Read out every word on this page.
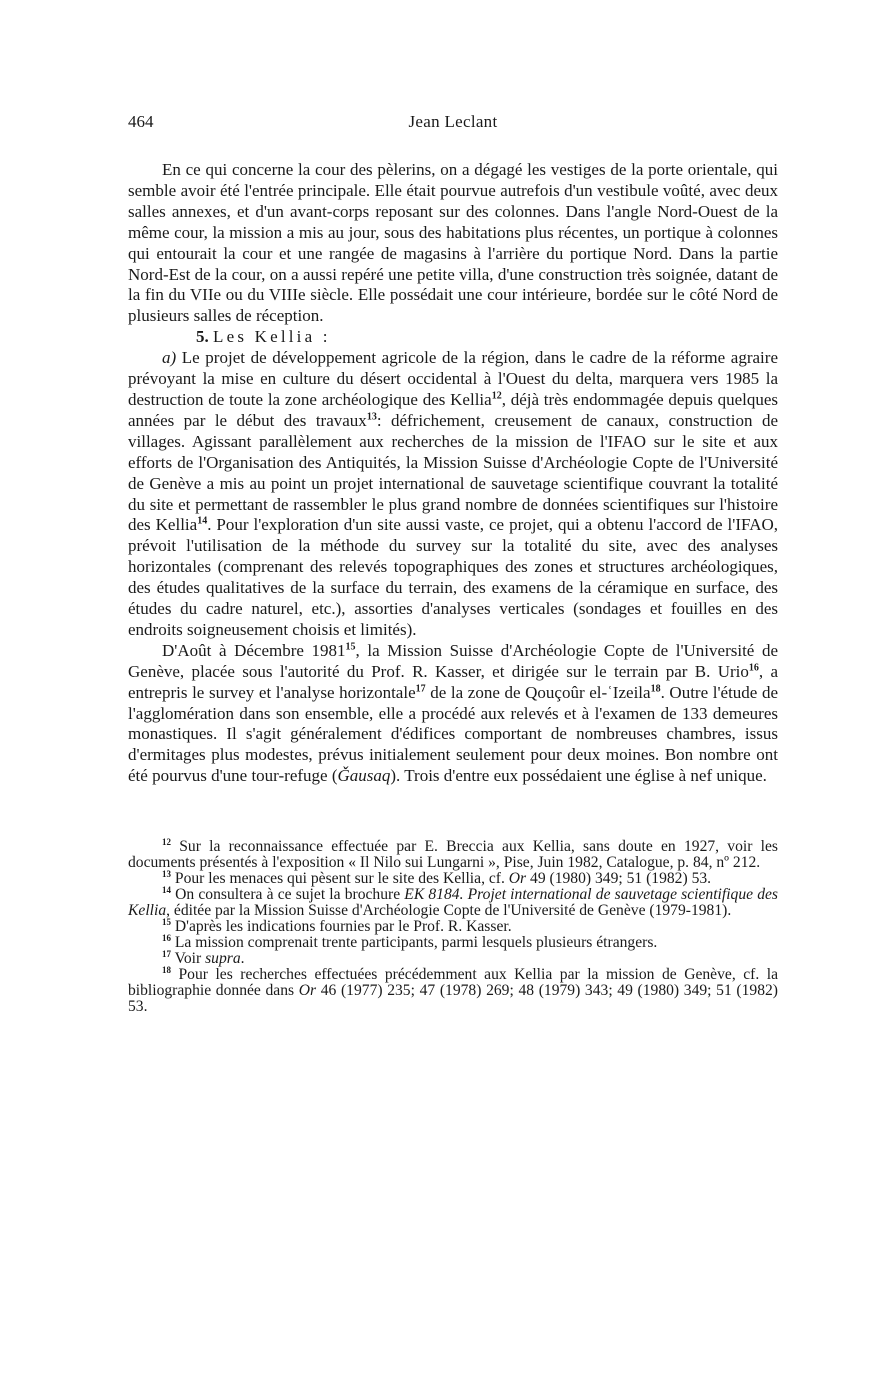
464	Jean Leclant

En ce qui concerne la cour des pèlerins, on a dégagé les vestiges de la porte orientale, qui semble avoir été l'entrée principale. Elle était pourvue autrefois d'un vestibule voûté, avec deux salles annexes, et d'un avant-corps reposant sur des colonnes. Dans l'angle Nord-Ouest de la même cour, la mission a mis au jour, sous des habitations plus récentes, un portique à colonnes qui entourait la cour et une rangée de magasins à l'arrière du portique Nord. Dans la partie Nord-Est de la cour, on a aussi repéré une petite villa, d'une construction très soignée, datant de la fin du VIIe ou du VIIIe siècle. Elle possédait une cour intérieure, bordée sur le côté Nord de plusieurs salles de réception.

5. Les Kellia :

a) Le projet de développement agricole de la région, dans le cadre de la réforme agraire prévoyant la mise en culture du désert occidental à l'Ouest du delta, marquera vers 1985 la destruction de toute la zone archéologique des Kellia$^{12}$, déjà très endommagée depuis quelques années par le début des travaux$^{13}$: défrichement, creusement de canaux, construction de villages. Agissant parallèlement aux recherches de la mission de l'IFAO sur le site et aux efforts de l'Organisation des Antiquités, la Mission Suisse d'Archéologie Copte de l'Université de Genève a mis au point un projet international de sauvetage scientifique couvrant la totalité du site et permettant de rassembler le plus grand nombre de données scientifiques sur l'histoire des Kellia$^{14}$. Pour l'exploration d'un site aussi vaste, ce projet, qui a obtenu l'accord de l'IFAO, prévoit l'utilisation de la méthode du survey sur la totalité du site, avec des analyses horizontales (comprenant des relevés topographiques des zones et structures archéologiques, des études qualitatives de la surface du terrain, des examens de la céramique en surface, des études du cadre naturel, etc.), assorties d'analyses verticales (sondages et fouilles en des endroits soigneusement choisis et limités).

D'Août à Décembre 1981$^{15}$, la Mission Suisse d'Archéologie Copte de l'Université de Genève, placée sous l'autorité du Prof. R. Kasser, et dirigée sur le terrain par B. Urio$^{16}$, a entrepris le survey et l'analyse horizontale$^{17}$ de la zone de Qouçoûr el-ʿIzeila$^{18}$. Outre l'étude de l'agglomération dans son ensemble, elle a procédé aux relevés et à l'examen de 133 demeures monastiques. Il s'agit généralement d'édifices comportant de nombreuses chambres, issus d'ermitages plus modestes, prévus initialement seulement pour deux moines. Bon nombre ont été pourvus d'une tour-refuge (Ǧausaq). Trois d'entre eux possédaient une église à nef unique.

$^{12}$ Sur la reconnaissance effectuée par E. Breccia aux Kellia, sans doute en 1927, voir les documents présentés à l'exposition « Il Nilo sui Lungarni », Pise, Juin 1982, Catalogue, p. 84, nº 212.

$^{13}$ Pour les menaces qui pèsent sur le site des Kellia, cf. Or 49 (1980) 349; 51 (1982) 53.

$^{14}$ On consultera à ce sujet la brochure EK 8184. Projet international de sauvetage scientifique des Kellia, éditée par la Mission Suisse d'Archéologie Copte de l'Université de Genève (1979-1981).

$^{15}$ D'après les indications fournies par le Prof. R. Kasser.

$^{16}$ La mission comprenait trente participants, parmi lesquels plusieurs étrangers.

$^{17}$ Voir supra.

$^{18}$ Pour les recherches effectuées précédemment aux Kellia par la mission de Genève, cf. la bibliographie donnée dans Or 46 (1977) 235; 47 (1978) 269; 48 (1979) 343; 49 (1980) 349; 51 (1982) 53.
